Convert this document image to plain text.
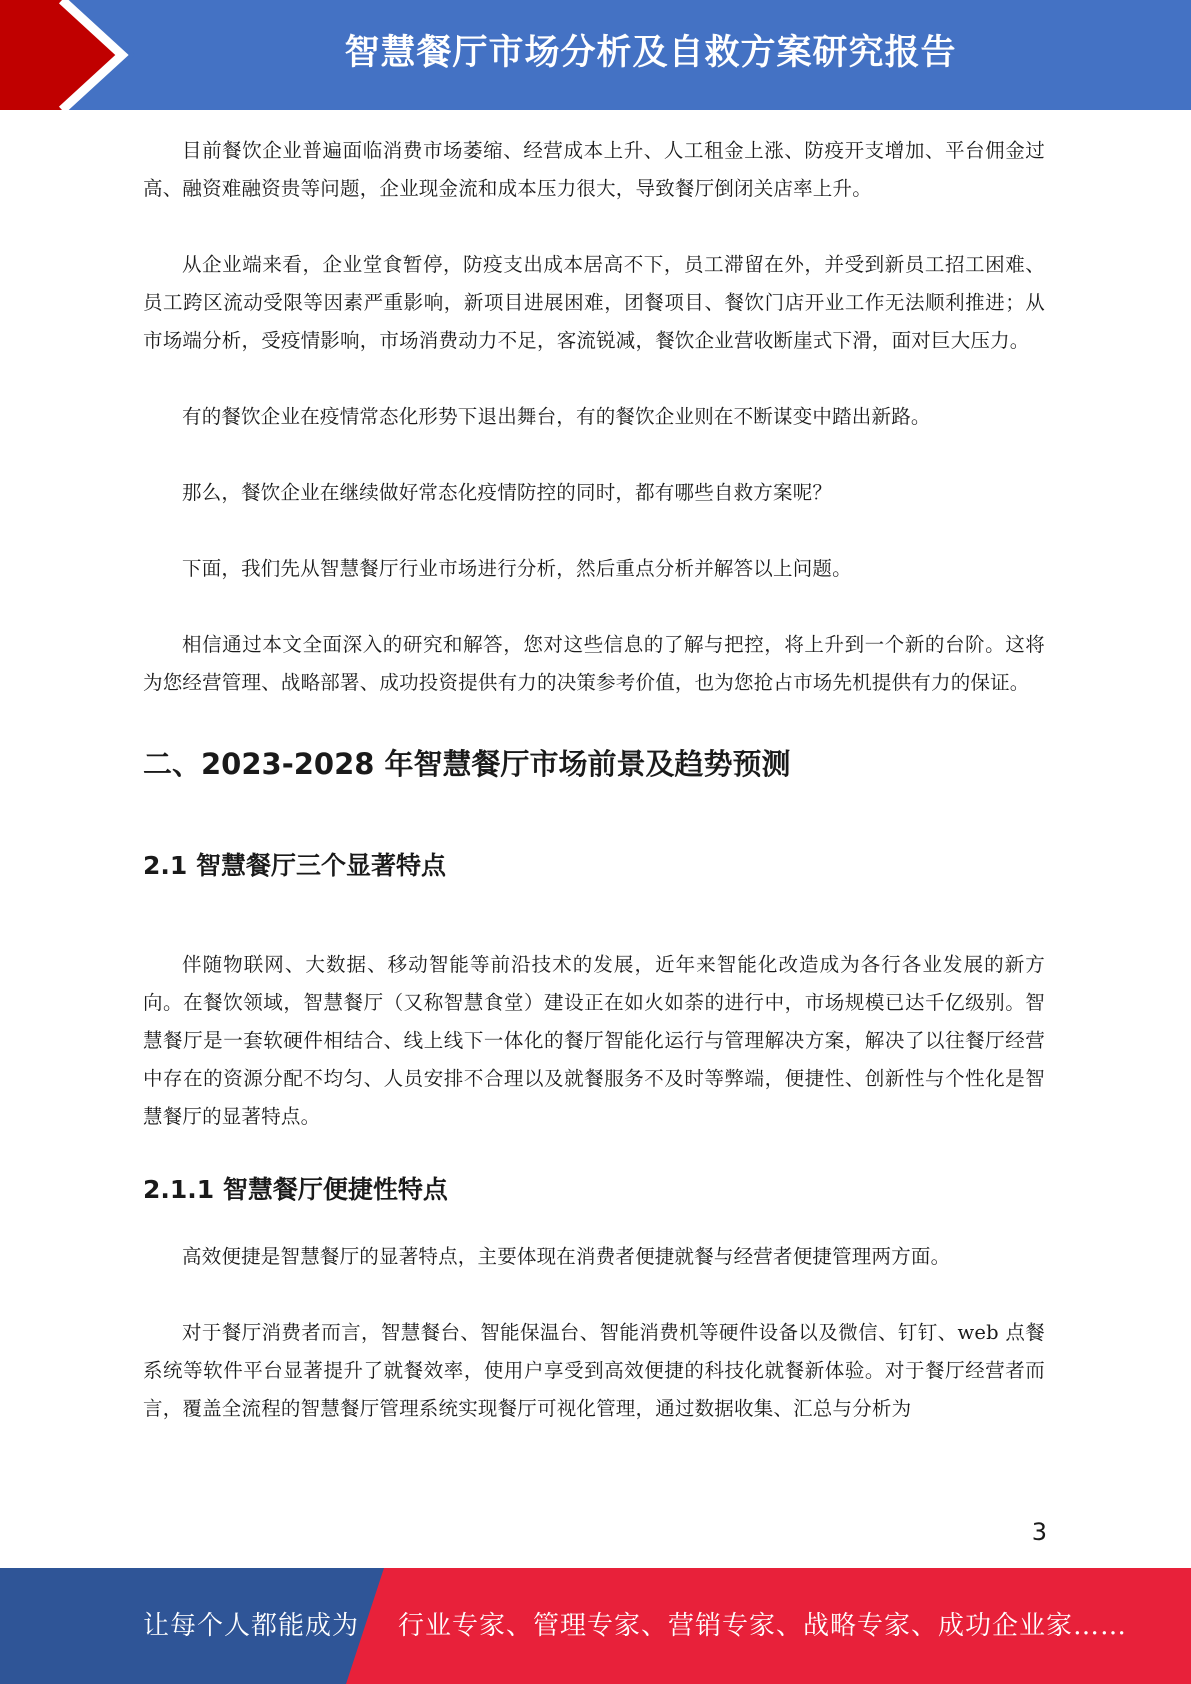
智慧餐厅市场分析及自救方案研究报告

目前餐饮企业普遍面临消费市场萎缩、经营成本上升、人工租金上涨、防疫开支增加、平台佣金过高、融资难融资贵等问题，企业现金流和成本压力很大，导致餐厅倒闭关店率上升。

从企业端来看，企业堂食暂停，防疫支出成本居高不下，员工滞留在外，并受到新员工招工困难、员工跨区流动受限等因素严重影响，新项目进展困难，团餐项目、餐饮门店开业工作无法顺利推进；从市场端分析，受疫情影响，市场消费动力不足，客流锐减，餐饮企业营收断崖式下滑，面对巨大压力。

有的餐饮企业在疫情常态化形势下退出舞台，有的餐饮企业则在不断谋变中踏出新路。

那么，餐饮企业在继续做好常态化疫情防控的同时，都有哪些自救方案呢？

下面，我们先从智慧餐厅行业市场进行分析，然后重点分析并解答以上问题。

相信通过本文全面深入的研究和解答，您对这些信息的了解与把控，将上升到一个新的台阶。这将为您经营管理、战略部署、成功投资提供有力的决策参考价值，也为您抢占市场先机提供有力的保证。

二、2023-2028 年智慧餐厅市场前景及趋势预测
2.1 智慧餐厅三个显著特点

伴随物联网、大数据、移动智能等前沿技术的发展，近年来智能化改造成为各行各业发展的新方向。在餐饮领域，智慧餐厅（又称智慧食堂）建设正在如火如荼的进行中，市场规模已达千亿级别。智慧餐厅是一套软硬件相结合、线上线下一体化的餐厅智能化运行与管理解决方案，解决了以往餐厅经营中存在的资源分配不均匀、人员安排不合理以及就餐服务不及时等弊端，便捷性、创新性与个性化是智慧餐厅的显著特点。

2.1.1 智慧餐厅便捷性特点

高效便捷是智慧餐厅的显著特点，主要体现在消费者便捷就餐与经营者便捷管理两方面。

对于餐厅消费者而言，智慧餐台、智能保温台、智能消费机等硬件设备以及微信、钉钉、web 点餐系统等软件平台显著提升了就餐效率，使用户享受到高效便捷的科技化就餐新体验。对于餐厅经营者而言，覆盖全流程的智慧餐厅管理系统实现餐厅可视化管理，通过数据收集、汇总与分析为

3
让每个人都能成为 行业专家、管理专家、营销专家、战略专家、成功企业家……
